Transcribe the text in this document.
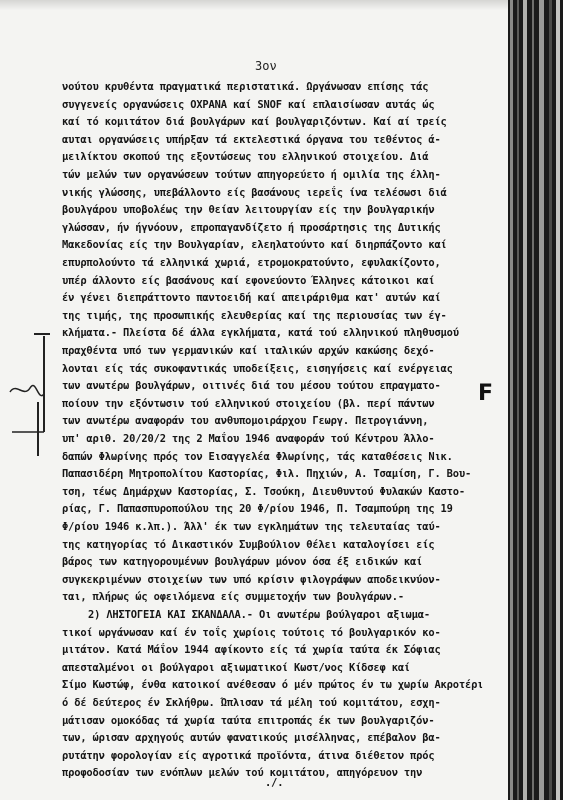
3ον
νούτου κρυθέντα πραγματικά περιστατικά. Ωργάνωσαν επίσης τάς
συγγενείς οργανώσεις OXPANA καί SNOF καί επλαισίωσαν αυτάς ώς
καί τό κομιτάτον διά βουλγάρων καί βουλγαριζόντων. Καί αί τρείς
αυται οργανώσεις υπήρξαν τά εκτελεστικά όργανα του τεθέντος ά-
μειλίκτου σκοπού της εξοντώσεως του ελληνικού στοιχείου. Διά
τών μελών των οργανώσεων τούτων απηγορεύετο ή ομιλία της έλλη-
νικής γλώσσης, υπεβάλλοντο είς βασάνους ιερεΐς ίνα τελέσωσι διά
βουλγάρου υποβολέως την θείαν λειτουργίαν είς την βουλγαρικήν
γλώσσαν, ήν ήγνόουν, επροπαγανδίζετο ή προσάρτησις της Δυτικής
Μακεδονίας είς την Βουλγαρίαν, ελεηλατούντο καί διηρπάζοντο καί
επυρπολούντο τά ελληνικά χωριά, ετρομοκρατούντο, εφυλακίζοντο,
υπέρ άλλοντο είς βασάνους καί εφονεύοντο Έλληνες κάτοικοι καί
έν γένει διεπράττοντο παντοειδή καί απειράριθμα κατ' αυτών καί
της τιμής, της προσωπικής ελευθερίας καί της περιουσίας των έγ-
κλήματα.- Πλείστα δέ άλλα εγκλήματα, κατά τού ελληνικού πληθυσμού
πραχθέντα υπό των γερμανικών καί ιταλικών αρχών κακώσης δεχό-
λονται είς τάς συκοφαντικάς υποδείξεις, εισηγήσεις καί ενέργειας
των ανωτέρω βουλγάρων, οιτινές διά του μέσου τούτου επραγματο-
ποίουν την εξόντωσιν τού ελληνικού στοιχείου (βλ. περί πάντων
των ανωτέρω αναφοράν του ανθυπομοιράρχου Γεωργ. Πετρογιάννη,
υπ' αριθ. 20/20/2 της 2 Μαΐου 1946 αναφοράν τού Κέντρου Άλλο-
δαπών Φλωρίνης πρός τον Εισαγγελέα Φλωρίνης, τάς καταθέσεις Νικ.
Παπασιδέρη Μητροπολίτου Καστορίας, Φιλ. Πηχιών, Α. Τσαμίση, Γ. Βου-
τση, τέως Δημάρχων Καστορίας, Σ. Τσούκη, Διευθυντού Φυλακών Καστο-
ρίας, Γ. Παπασπυροπούλου της 20 Φ/ρίου 1946, Π. Τσαμπούρη της 19
Φ/ρίου 1946 κ.λπ.). Άλλ' έκ των εγκλημάτων της τελευταίας ταύ-
της κατηγορίας τό Δικαστικόν Συμβούλιον θέλει καταλογίσει είς
βάρος των κατηγορουμένων βουλγάρων μόνον όσα έξ ειδικών καί
συγκεκριμένων στοιχείων των υπό κρίσιν φιλογράφων αποδεικνύον-
ται, πλήρως ώς οφειλόμενα είς συμμετοχήν των βουλγάρων.-
2) ΛΗΣΤΟΓΕΙΑ ΚΑΙ ΣΚΑΝΔΑΛΑ.- Οι ανωτέρω βούλγαροι αξιωμα-
τικοί ωργάνωσαν καί έν τοΐς χωρίοις τούτοις τό βουλγαρικόν κο-
μιτάτον. Κατά Μάΐον 1944 αφίκοντο είς τά χωρία ταύτα έκ Σόφιας
απεσταλμένοι οι βούλγαροι αξιωματικοί Κωστ/νος Κίδσεφ καί
Σίμο Κωστώφ, ένθα κατοικοί ανέθεσαν ό μέν πρώτος έν τω χωρίω Ακροτέρι
ό δέ δεύτερος έν Σκλήθρω. Ώπλισαν τά μέλη τού κομιτάτου, εσχη-
μάτισαν ομοκόδας τά χωρία ταύτα επιτροπάς έκ των βουλγαριζόν-
των, ώρισαν αρχηγούς αυτών φανατικούς μισέλληνας, επέβαλον βα-
ρυτάτην φορολογίαν είς αγροτικά προϊόντα, άτινα διέθετον πρός
προφοδοσίαν των ενόπλων μελών τού κομιτάτου, απηγόρευον την
F
./.
